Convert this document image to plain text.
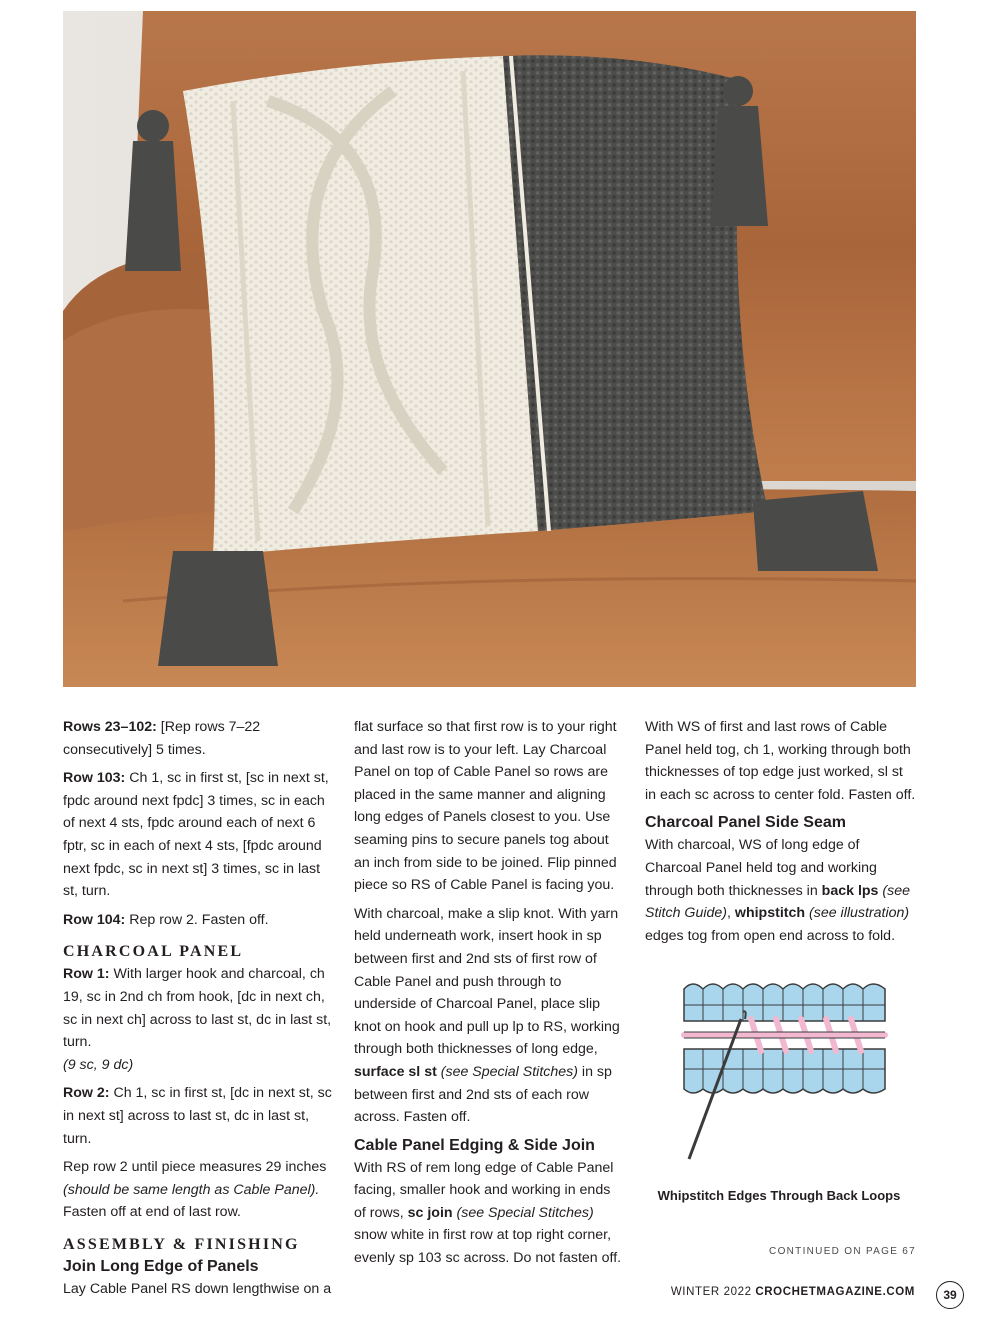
Rows 23–102: [Rep rows 7–22 consecutively] 5 times.

Row 103: Ch 1, sc in first st, [sc in next st, fpdc around next fpdc] 3 times, sc in each of next 4 sts, fpdc around each of next 6 fptr, sc in each of next 4 sts, [fpdc around next fpdc, sc in next st] 3 times, sc in last st, turn.

Row 104: Rep row 2. Fasten off.

CHARCOAL PANEL

Row 1: With larger hook and charcoal, ch 19, sc in 2nd ch from hook, [dc in next ch, sc in next ch] across to last st, dc in last st, turn.
(9 sc, 9 dc)

Row 2: Ch 1, sc in first st, [dc in next st, sc in next st] across to last st, dc in last st, turn.

Rep row 2 until piece measures 29 inches (should be same length as Cable Panel). Fasten off at end of last row.

ASSEMBLY & FINISHING
Join Long Edge of Panels

Lay Cable Panel RS down lengthwise on a

flat surface so that first row is to your right and last row is to your left. Lay Charcoal Panel on top of Cable Panel so rows are placed in the same manner and aligning long edges of Panels closest to you. Use seaming pins to secure panels tog about an inch from side to be joined. Flip pinned piece so RS of Cable Panel is facing you.

With charcoal, make a slip knot. With yarn held underneath work, insert hook in sp between first and 2nd sts of first row of Cable Panel and push through to underside of Charcoal Panel, place slip knot on hook and pull up lp to RS, working through both thicknesses of long edge, surface sl st (see Special Stitches) in sp between first and 2nd sts of each row across. Fasten off.

Cable Panel Edging & Side Join

With RS of rem long edge of Cable Panel facing, smaller hook and working in ends of rows, sc join (see Special Stitches) snow white in first row at top right corner, evenly sp 103 sc across. Do not fasten off.

With WS of first and last rows of Cable Panel held tog, ch 1, working through both thicknesses of top edge just worked, sl st in each sc across to center fold. Fasten off.

Charcoal Panel Side Seam

With charcoal, WS of long edge of Charcoal Panel held tog and working through both thicknesses in back lps (see Stitch Guide), whipstitch (see illustration) edges tog from open end across to fold.

Whipstitch Edges Through Back Loops
CONTINUED ON PAGE 67
WINTER 2022 CROCHETMAGAZINE.COM	39
